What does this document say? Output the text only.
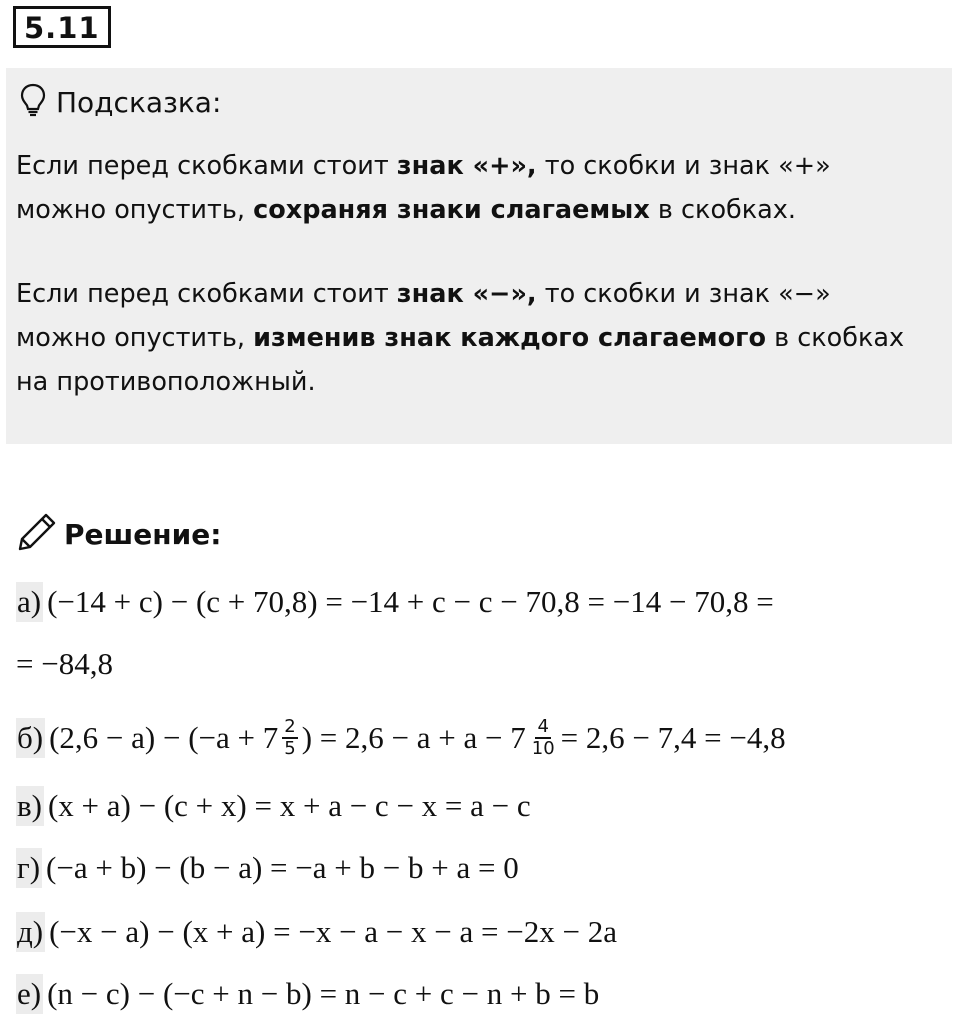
5.11
Подсказка:

Если перед скобками стоит знак «+», то скобки и знак «+»
можно опустить, сохраняя знаки слагаемых в скобках.

Если перед скобками стоит знак «−», то скобки и знак «−»
можно опустить, изменив знак каждого слагаемого в скобках
на противоположный.

Решение:
а) (−14 + c) − (c + 70,8) = −14 + c − c − 70,8 = −14 − 70,8 =
= −84,8
б) $(2,6 - a) - (-a + 7 \frac{2}{5}$ ) = $2,6 - a + a - 7 \frac{4}{10} = 2,6 - 7,4 = -4,8$
в) (x + a) − (c + x) = x + a − c − x = a − c
г) (−a + b) − (b − a) = −a + b − b + a = 0
д) (−x − a) − (x + a) = −x − a − x − a = −2x − 2a
е) (n − c) − (−c + n − b) = n − c + c − n + b = b
